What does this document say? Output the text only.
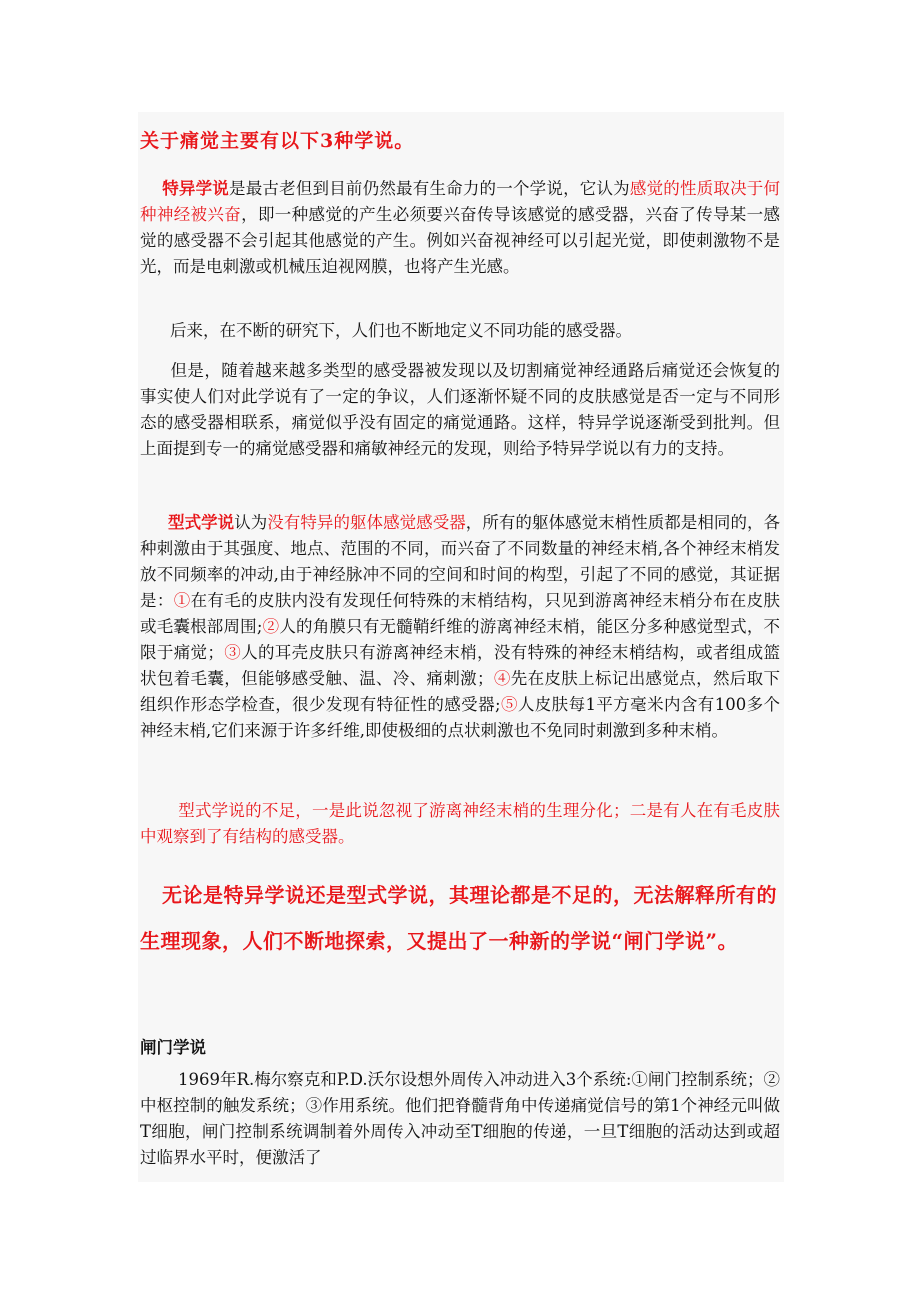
关于痛觉主要有以下3种学说。
特异学说是最古老但到目前仍然最有生命力的一个学说，它认为感觉的性质取决于何种神经被兴奋，即一种感觉的产生必须要兴奋传导该感觉的感受器，兴奋了传导某一感觉的感受器不会引起其他感觉的产生。例如兴奋视神经可以引起光觉，即使刺激物不是光，而是电刺激或机械压迫视网膜，也将产生光感。
后来，在不断的研究下，人们也不断地定义不同功能的感受器。
但是，随着越来越多类型的感受器被发现以及切割痛觉神经通路后痛觉还会恢复的事实使人们对此学说有了一定的争议，人们逐渐怀疑不同的皮肤感觉是否一定与不同形态的感受器相联系，痛觉似乎没有固定的痛觉通路。这样，特异学说逐渐受到批判。但上面提到专一的痛觉感受器和痛敏神经元的发现，则给予特异学说以有力的支持。
型式学说认为没有特异的躯体感觉感受器，所有的躯体感觉末梢性质都是相同的，各种刺激由于其强度、地点、范围的不同，而兴奋了不同数量的神经末梢,各个神经末梢发放不同频率的冲动,由于神经脉冲不同的空间和时间的构型，引起了不同的感觉，其证据是：①在有毛的皮肤内没有发现任何特殊的末梢结构，只见到游离神经末梢分布在皮肤或毛囊根部周围;②人的角膜只有无髓鞘纤维的游离神经末梢，能区分多种感觉型式，不限于痛觉；③人的耳壳皮肤只有游离神经末梢，没有特殊的神经末梢结构，或者组成篮状包着毛囊，但能够感受触、温、冷、痛刺激；④先在皮肤上标记出感觉点，然后取下组织作形态学检查，很少发现有特征性的感受器;⑤人皮肤每1平方毫米内含有100多个神经末梢,它们来源于许多纤维,即使极细的点状刺激也不免同时刺激到多种末梢。
型式学说的不足，一是此说忽视了游离神经末梢的生理分化；二是有人在有毛皮肤中观察到了有结构的感受器。
无论是特异学说还是型式学说，其理论都是不足的，无法解释所有的生理现象，人们不断地探索，又提出了一种新的学说“闸门学说”。
闸门学说
1969年R.梅尔察克和P.D.沃尔设想外周传入冲动进入3个系统:①闸门控制系统；②中枢控制的触发系统；③作用系统。他们把脊髓背角中传递痛觉信号的第1个神经元叫做T细胞，闸门控制系统调制着外周传入冲动至T细胞的传递，一旦T细胞的活动达到或超过临界水平时，便激活了
